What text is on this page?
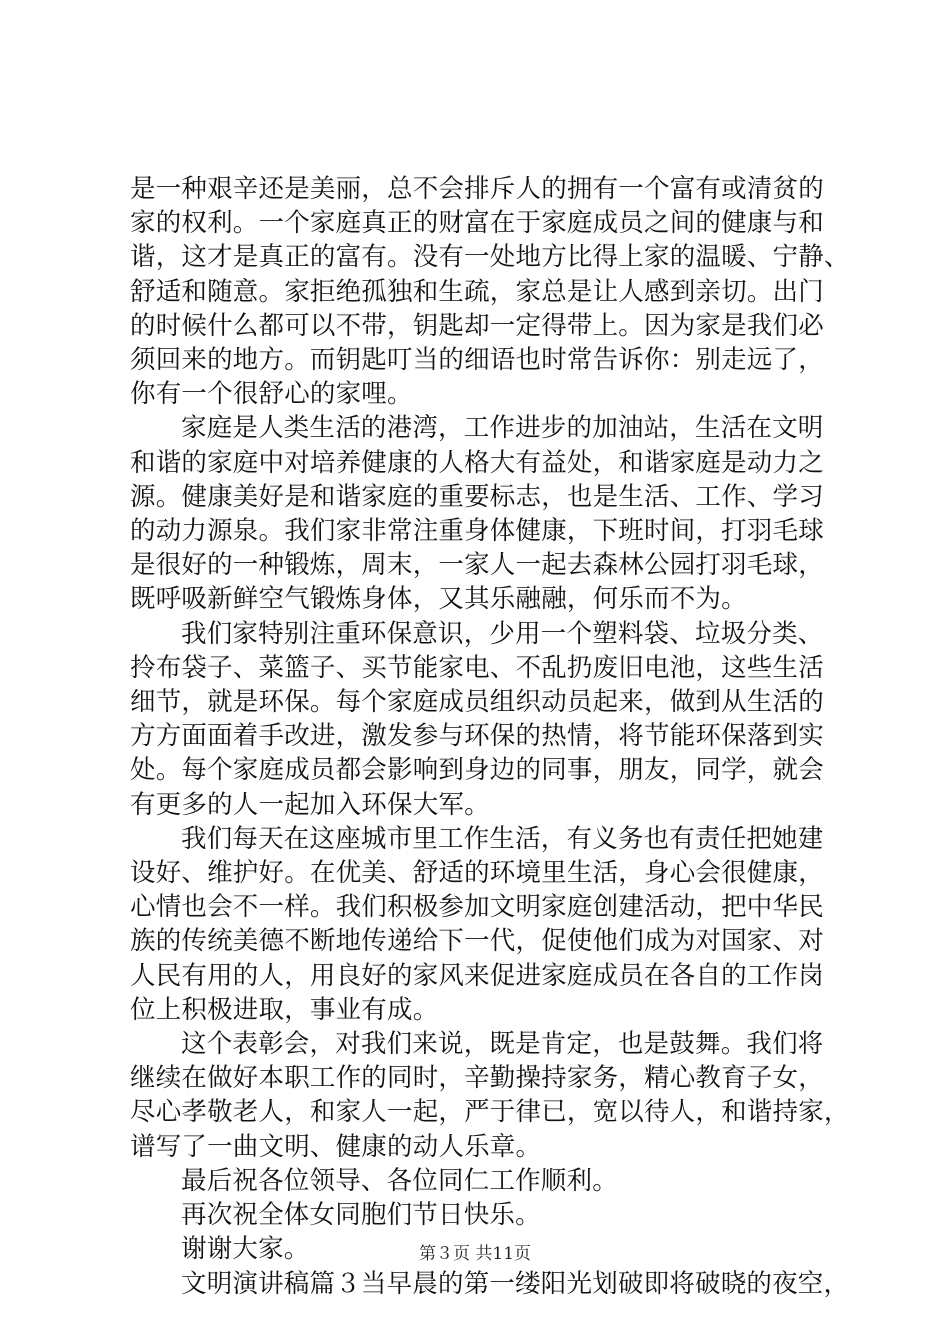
是一种艰辛还是美丽，总不会排斥人的拥有一个富有或清贫的
家的权利。一个家庭真正的财富在于家庭成员之间的健康与和
谐，这才是真正的富有。没有一处地方比得上家的温暖、宁静、
舒适和随意。家拒绝孤独和生疏，家总是让人感到亲切。出门
的时候什么都可以不带，钥匙却一定得带上。因为家是我们必
须回来的地方。而钥匙叮当的细语也时常告诉你：别走远了，
你有一个很舒心的家哩。
家庭是人类生活的港湾，工作进步的加油站，生活在文明
和谐的家庭中对培养健康的人格大有益处，和谐家庭是动力之
源。健康美好是和谐家庭的重要标志，也是生活、工作、学习
的动力源泉。我们家非常注重身体健康，下班时间，打羽毛球
是很好的一种锻炼，周末，一家人一起去森林公园打羽毛球，
既呼吸新鲜空气锻炼身体，又其乐融融，何乐而不为。
我们家特别注重环保意识，少用一个塑料袋、垃圾分类、
拎布袋子、菜篮子、买节能家电、不乱扔废旧电池，这些生活
细节，就是环保。每个家庭成员组织动员起来，做到从生活的
方方面面着手改进，激发参与环保的热情，将节能环保落到实
处。每个家庭成员都会影响到身边的同事，朋友，同学，就会
有更多的人一起加入环保大军。
我们每天在这座城市里工作生活，有义务也有责任把她建
设好、维护好。在优美、舒适的环境里生活，身心会很健康，
心情也会不一样。我们积极参加文明家庭创建活动，把中华民
族的传统美德不断地传递给下一代，促使他们成为对国家、对
人民有用的人，用良好的家风来促进家庭成员在各自的工作岗
位上积极进取，事业有成。
这个表彰会，对我们来说，既是肯定，也是鼓舞。我们将
继续在做好本职工作的同时，辛勤操持家务，精心教育子女，
尽心孝敬老人，和家人一起，严于律已，宽以待人，和谐持家，
谱写了一曲文明、健康的动人乐章。
最后祝各位领导、各位同仁工作顺利。
再次祝全体女同胞们节日快乐。
谢谢大家。
文明演讲稿篇３当早晨的第一缕阳光划破即将破晓的夜空，
第３页 共11页
